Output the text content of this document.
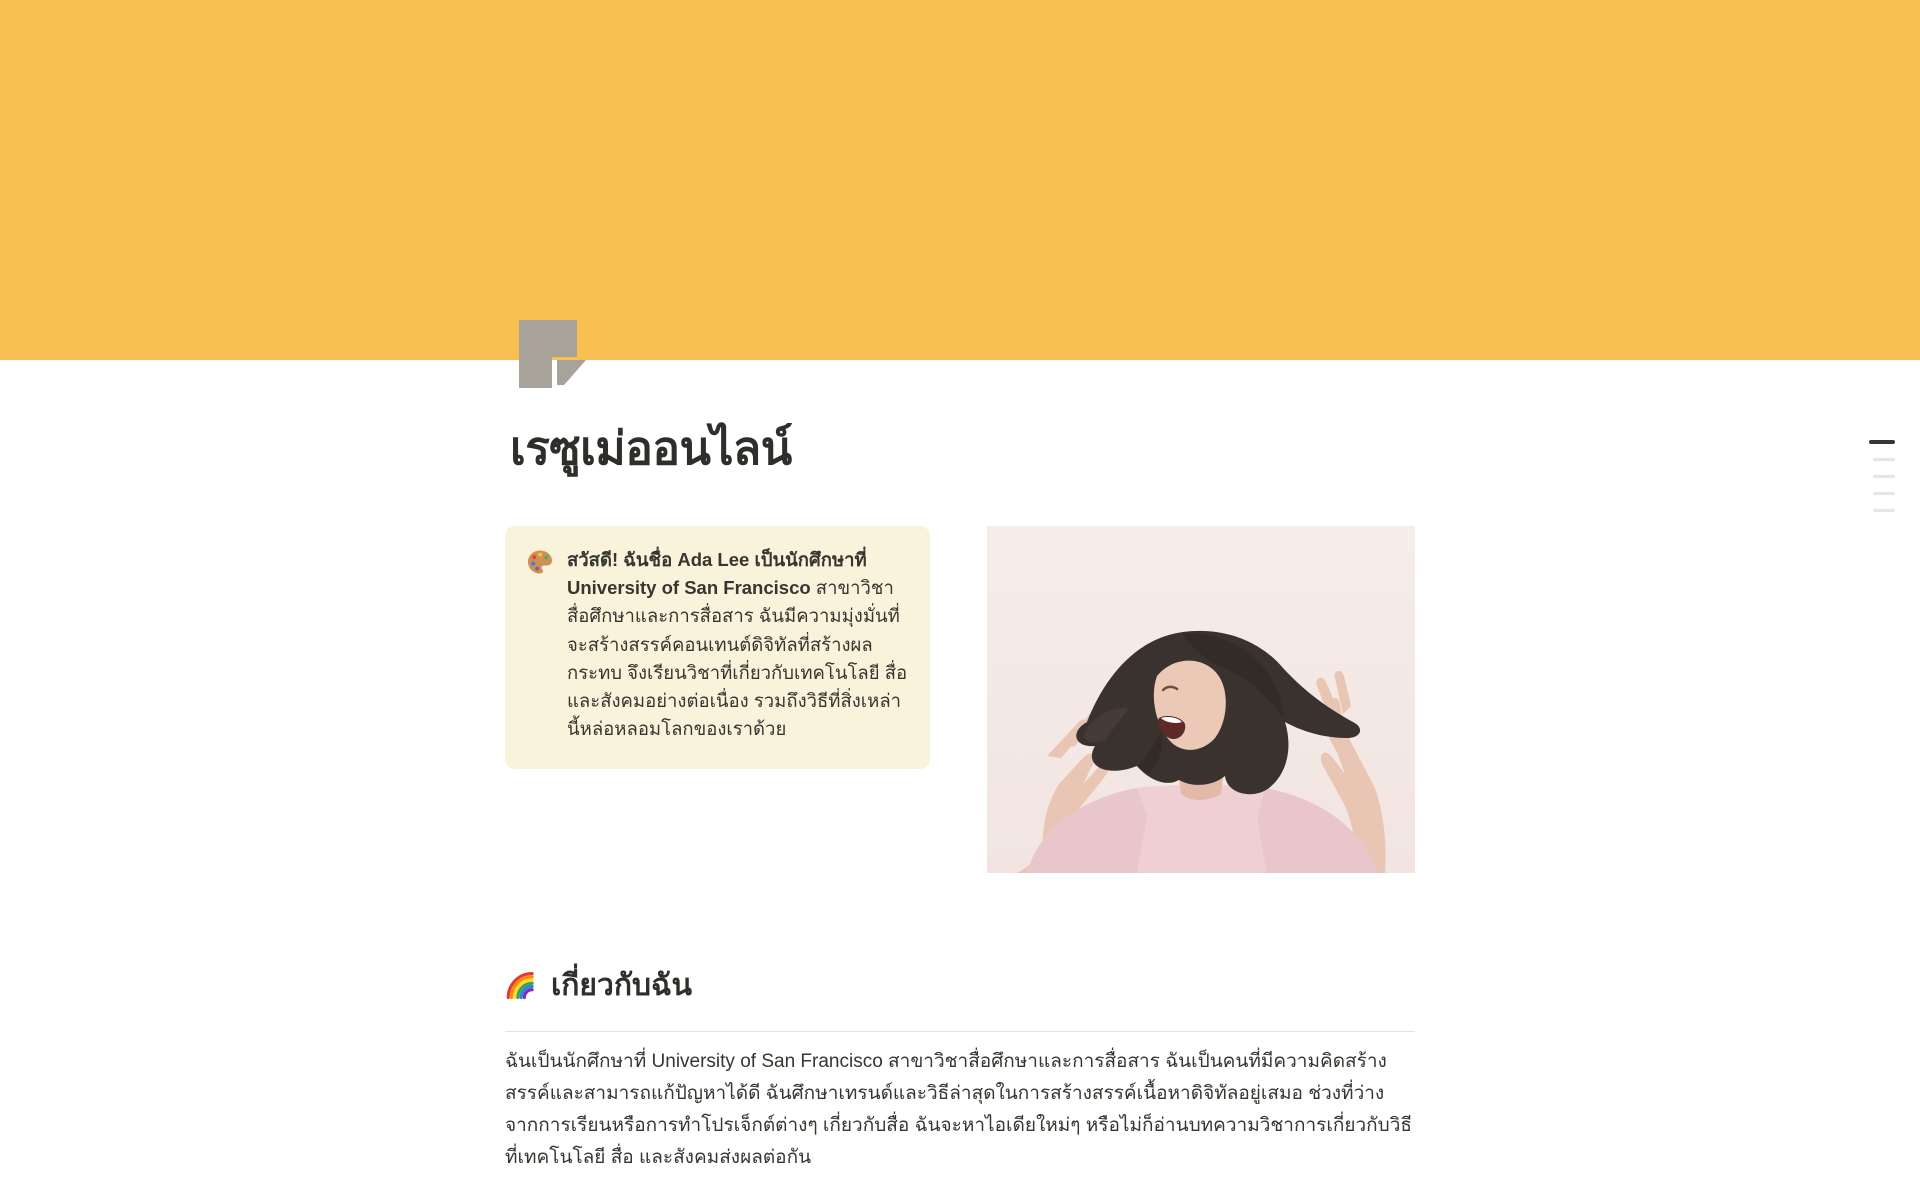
เรซูเม่ออนไลน์
สวัสดี! ฉันชื่อ Ada Lee เป็น​นัก​ศึกษา​ที่ University of San Francisco สาขา​วิชา​สื่อ​ศึกษา​และ​การ​สื่อสาร ฉัน​มี​ความ​มุ่ง​มั่น​ที่​จะ​สร้าง​สรรค์​คอน​เทนต์​ดิจิทัล​ที่​สร้าง​ผล​กระทบ จึง​เรียน​วิชา​ที่​เกี่ยว​กับ​เทคโนโลยี สื่อ และ​สังคม​อย่าง​ต่อ​เนื่อง รวม​ถึง​วิธี​ที่​สิ่ง​เหล่า​นี้​หล่อ​หลอม​โลก​ของ​เรา​ด้วย
เกี่ยวกับฉัน

ฉัน​เป็น​นัก​ศึกษา​ที่ University of San Francisco สาขา​วิชา​สื่อ​ศึกษา​และ​การ​สื่อสาร ฉัน​เป็น​คน​ที่​มี​ความ​คิด​สร้าง​สรรค์​และ​สามารถ​แก้​ปัญหา​ได้​ดี ฉัน​ศึกษา​เทรนด์​และ​วิธี​ล่า​สุด​ใน​การ​สร้าง​สรรค์​เนื้อ​หา​ดิจิทัล​อยู่​เสมอ ช่วง​ที่​ว่าง​จาก​การ​เรียน​หรือ​การ​ทำ​โปร​เจ็กต์​ต่างๆ เกี่ยว​กับ​สื่อ ฉัน​จะ​หา​ไอ​เดีย​ใหม่ๆ หรือ​ไม่​ก็​อ่าน​บท​ความ​วิชา​การ​เกี่ยว​กับ​วิธี​ที่​เทคโนโลยี สื่อ และ​สังคม​ส่ง​ผล​ต่อ​กัน
